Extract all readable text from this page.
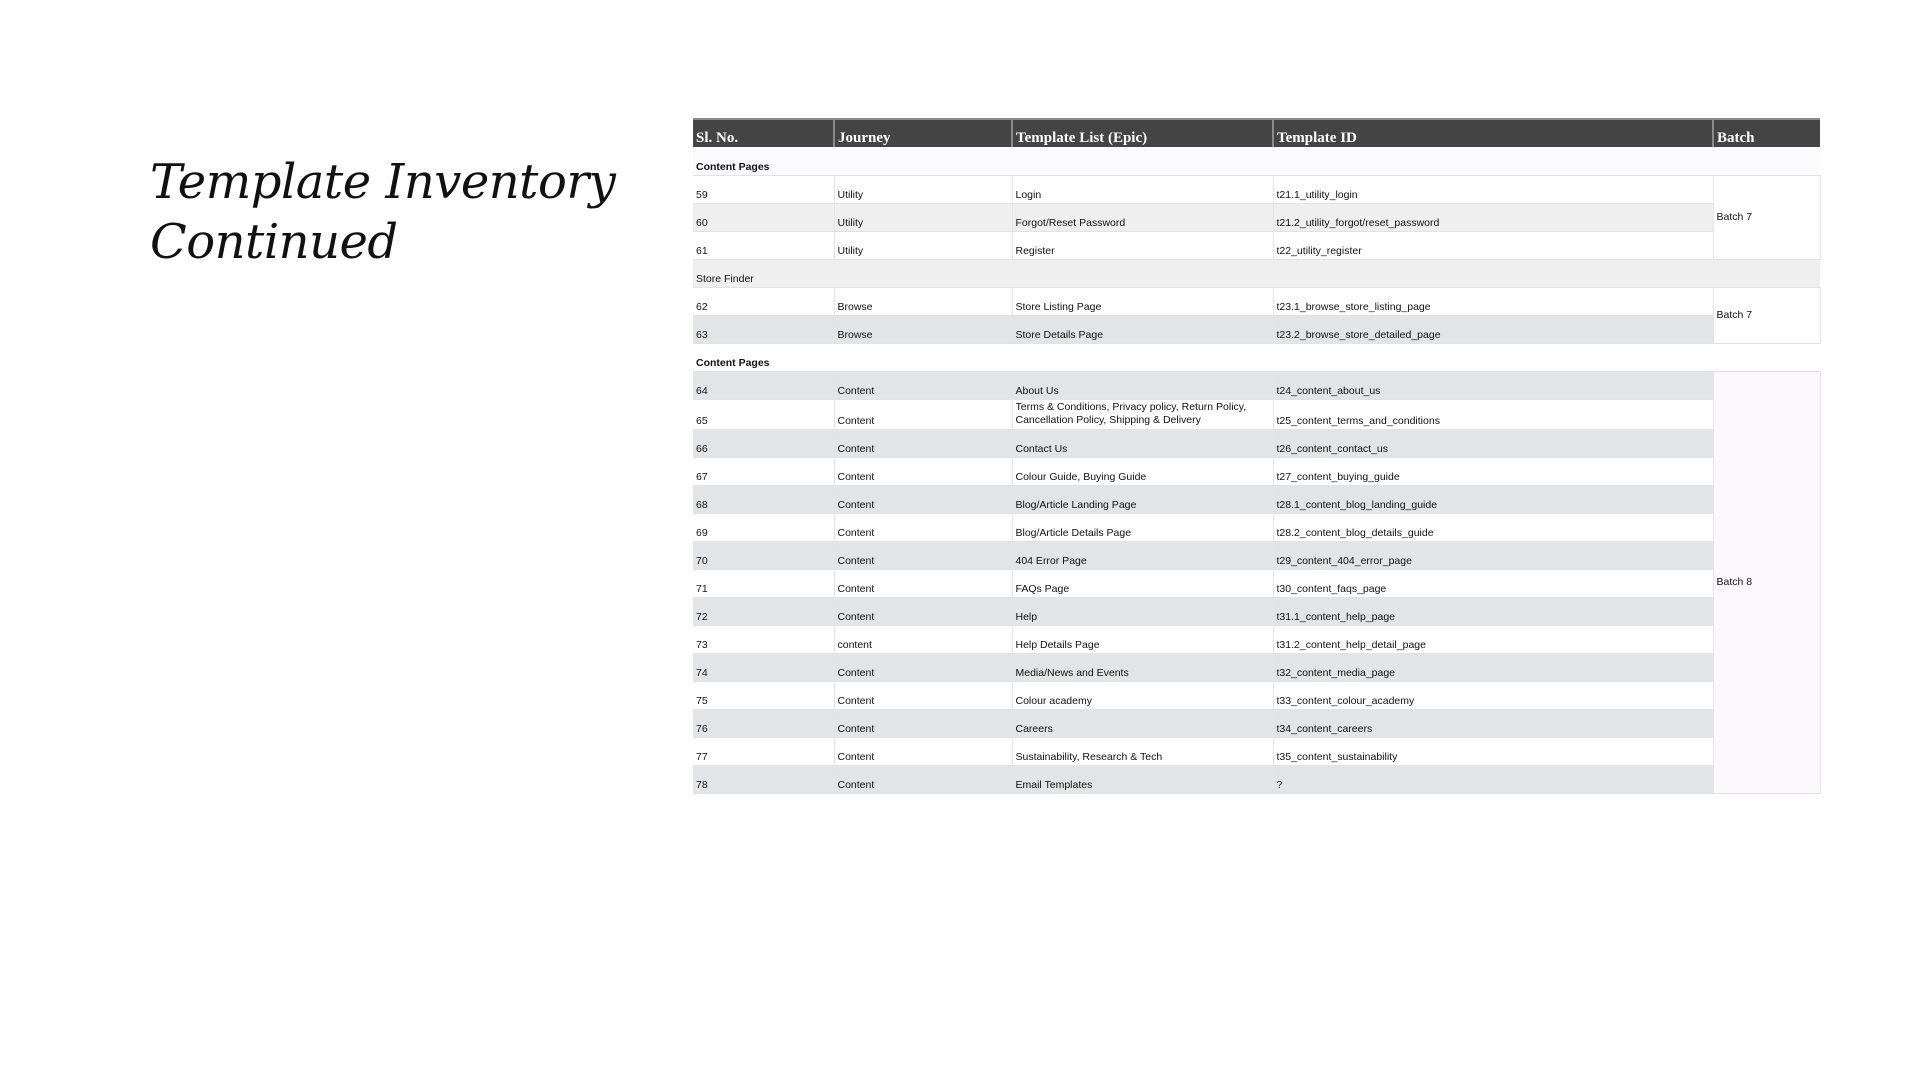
Template Inventory
Continued
Sl. No.	Journey	Template List (Epic)	Template ID	Batch
Content Pages				
59	Utility	Login	t21.1_utility_login	Batch 7
60	Utility	Forgot/Reset Password	t21.2_utility_forgot/reset_password	
61	Utility	Register	t22_utility_register	
Store Finder				
62	Browse	Store Listing Page	t23.1_browse_store_listing_page	Batch 7
63	Browse	Store Details Page	t23.2_browse_store_detailed_page	
Content Pages				
64	Content	About Us	t24_content_about_us	Batch 8
65	Content	Terms & Conditions, Privacy policy, Return Policy, Cancellation Policy, Shipping & Delivery	t25_content_terms_and_conditions	
66	Content	Contact Us	t26_content_contact_us	
67	Content	Colour Guide, Buying Guide	t27_content_buying_guide	
68	Content	Blog/Article Landing Page	t28.1_content_blog_landing_guide	
69	Content	Blog/Article Details Page	t28.2_content_blog_details_guide	
70	Content	404 Error Page	t29_content_404_error_page	
71	Content	FAQs Page	t30_content_faqs_page	
72	Content	Help	t31.1_content_help_page	
73	content	Help Details Page	t31.2_content_help_detail_page	
74	Content	Media/News and Events	t32_content_media_page	
75	Content	Colour academy	t33_content_colour_academy	
76	Content	Careers	t34_content_careers	
77	Content	Sustainability, Research & Tech	t35_content_sustainability	
78	Content	Email Templates	?	
